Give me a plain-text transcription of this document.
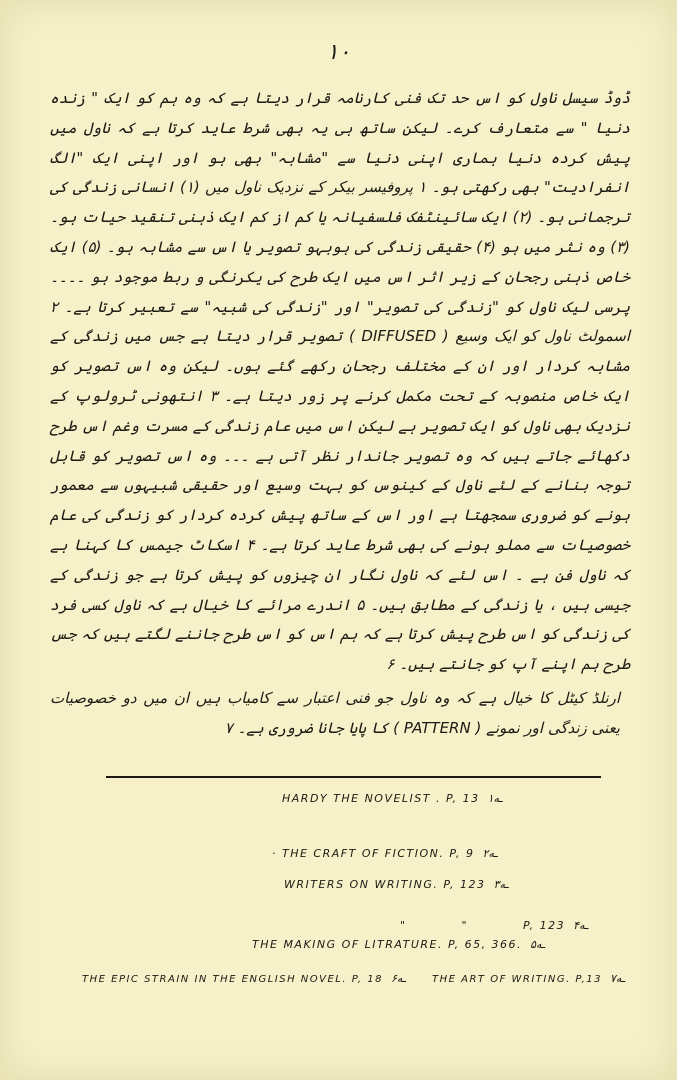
۱۰

ڈوڈ سیسل ناول کو اس حد تک فنی کارنامہ قرار دیتا ہے کہ وہ ہم کو ایک " زندہ دنیا " سے متعارف کرے۔ لیکن ساتھ ہی یہ بھی شرط عاید کرتا ہے کہ ناول میں پیش کردہ دنیا ہماری اپنی دنیا سے "مشابہ" بھی ہو اور اپنی ایک "الگ انفرادیت" بھی رکھتی ہو۔ ۱ پروفیسر بیکر کے نزدیک ناول میں (۱) انسانی زندگی کی ترجمانی ہو۔ (۲) ایک سائینٹفک فلسفیانہ یا کم از کم ایک ذہنی تنقید حیات ہو۔ (۳) وہ نثر میں ہو (۴) حقیقی زندگی کی ہوبہو تصویر یا اس سے مشابہ ہو۔ (۵) ایک خاص ذہنی رجحان کے زیر اثر اس میں ایک طرح کی یکرنگی و ربط موجود ہو ۔۔۔۔ پرسی لیک ناول کو "زندگی کی تصویر" اور "زندگی کی شبیہ" سے تعبیر کرتا ہے۔ ۲ اسمولٹ ناول کو ایک وسیع ( DIFFUSED ) تصویر قرار دیتا ہے جس میں زندگی کے مشابہ کردار اور ان کے مختلف رجحان رکھے گئے ہوں۔ لیکن وہ اس تصویر کو ایک خاص منصوبہ کے تحت مکمل کرنے پر زور دیتا ہے۔ ۳ انتھونی ٹرولوپ کے نزدیک بھی ناول کو ایک تصویر ہے لیکن اس میں عام زندگی کے مسرت وغم اس طرح دکھائے جاتے ہیں کہ وہ تصویر جاندار نظر آتی ہے ۔۔۔ وہ اس تصویر کو قابل توجہ بنانے کے لئے ناول کے کینوس کو بہت وسیع اور حقیقی شبیہوں سے معمور ہونے کو ضروری سمجھتا ہے اور اس کے ساتھ پیش کردہ کردار کو زندگی کی عام خصوصیات سے مملو ہونے کی بھی شرط عاید کرتا ہے۔ ۴ اسکاٹ جیمس کا کہنا ہے کہ ناول فن ہے ۔ اس لئے کہ ناول نگار ان چیزوں کو پیش کرتا ہے جو زندگی کے جیسی ہیں ، یا زندگی کے مطابق ہیں۔ ۵ اندرے مرائے کا خیال ہے کہ ناول کسی فرد کی زندگی کو اس طرح پیش کرتا ہے کہ ہم اس کو اس طرح جاننے لگتے ہیں کہ جس طرح ہم اپنے آپ کو جانتے ہیں۔ ۶

ارنلڈ کیٹل کا خیال ہے کہ وہ ناول جو فنی اعتبار سے کامیاب ہیں ان میں دو خصوصیات یعنی زندگی اور نمونے ( PATTERN ) کا پایا جانا ضروری ہے۔ ۷

HARDY THE NOVELIST . P, 13 ۱ـه
· THE CRAFT OF FICTION. P, 9 ۲ـه
WRITERS ON WRITING. P, 123 ۳ـه

"           "           P, 123 ۴ـه

THE MAKING OF LITRATURE. P, 65, 366. ۵ـه
THE EPIC STRAIN IN THE ENGLISH NOVEL. P, 18 ۶ـه	THE ART OF WRITING. P,13 ۷ـه
